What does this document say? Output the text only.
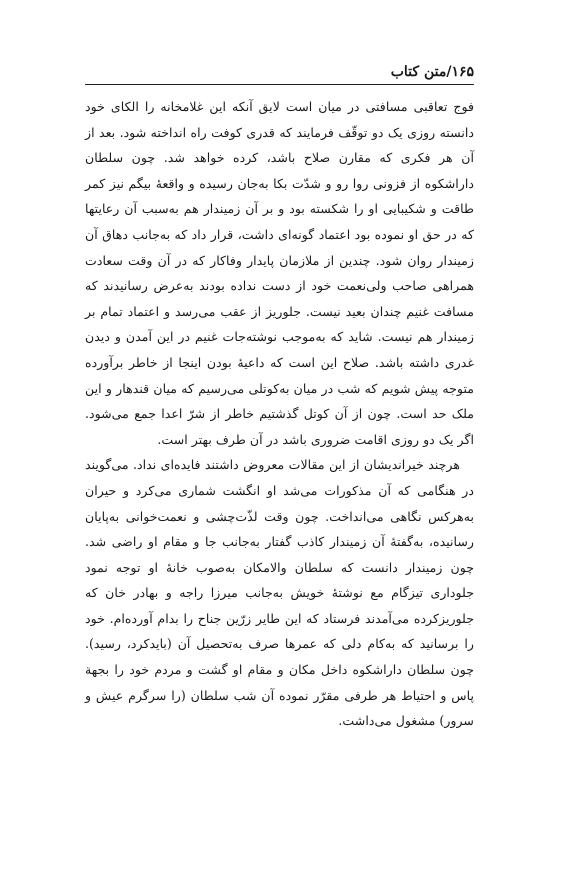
۱۶۵/متن کتاب

فوج تعاقبی مسافتی در میان است لایق آنکه این غلامخانه را الکای خود دانسته روزی یک دو توقّف فرمایند که قدری کوفت راه انداخته شود. بعد از آن هر فکری که مقارن صلاح باشد، کرده خواهد شد. چون سلطان داراشکوه از فزونی روا رو و شدّت بکا به‌جان رسیده و واقعهٔ بیگم نیز کمر طاقت و شکیبایی او را شکسته بود و بر آن زمیندار هم به‌سبب آن رعایتها که در حق او نموده بود اعتماد گونه‌ای داشت، قرار داد که به‌جانب دهاق آن زمیندار روان شود. چندین از ملازمان پایدار وفاکار که در آن وقت سعادت همراهی صاحب ولی‌نعمت خود از دست نداده بودند به‌عرض رسانیدند که مسافت غنیم چندان بعید نیست. جلوریز از عقب می‌رسد و اعتماد تمام بر زمیندار هم نیست. شاید که به‌موجب نوشته‌جات غنیم در این آمدن و دیدن غدری داشته باشد. صلاح این است که داعیهٔ بودن اینجا از خاطر برآورده متوجه پیش شویم که شب در میان به‌کوتلی می‌رسیم که میان قندهار و این ملک حد است. چون از آن کوتل گذشتیم خاطر از شرّ اعدا جمع می‌شود. اگر یک دو روزی اقامت ضروری باشد در آن طرف بهتر است.

هرچند خیراندیشان از این مقالات معروض داشتند فایده‌ای نداد. می‌گویند در هنگامی که آن مذکورات می‌شد او انگشت شماری می‌کرد و حیران به‌هرکس نگاهی می‌انداخت. چون وقت لذّت‌چشی و نعمت‌خوانی به‌پایان رسانیده، به‌گفتهٔ آن زمیندار کاذب گفتار به‌جانب جا و مقام او راضی شد. چون زمیندار دانست که سلطان والامکان به‌صوب خانهٔ او توجه نمود جلوداری تیزگام مع نوشتهٔ خویش به‌جانب میرزا راجه و بهادر خان که جلوریزکرده می‌آمدند فرستاد که این طایر زرّین جناح را بدام آورده‌ام. خود را برسانید که به‌کام دلی که عمرها صرف به‌تحصیل آن (بایدکرد، رسید). چون سلطان داراشکوه داخل مکان و مقام او گشت و مردم خود را بجهة پاس و احتیاط هر طرفی مقرّر نموده آن شب سلطان (را سرگرم عیش و سرور) مشغول می‌داشت.
